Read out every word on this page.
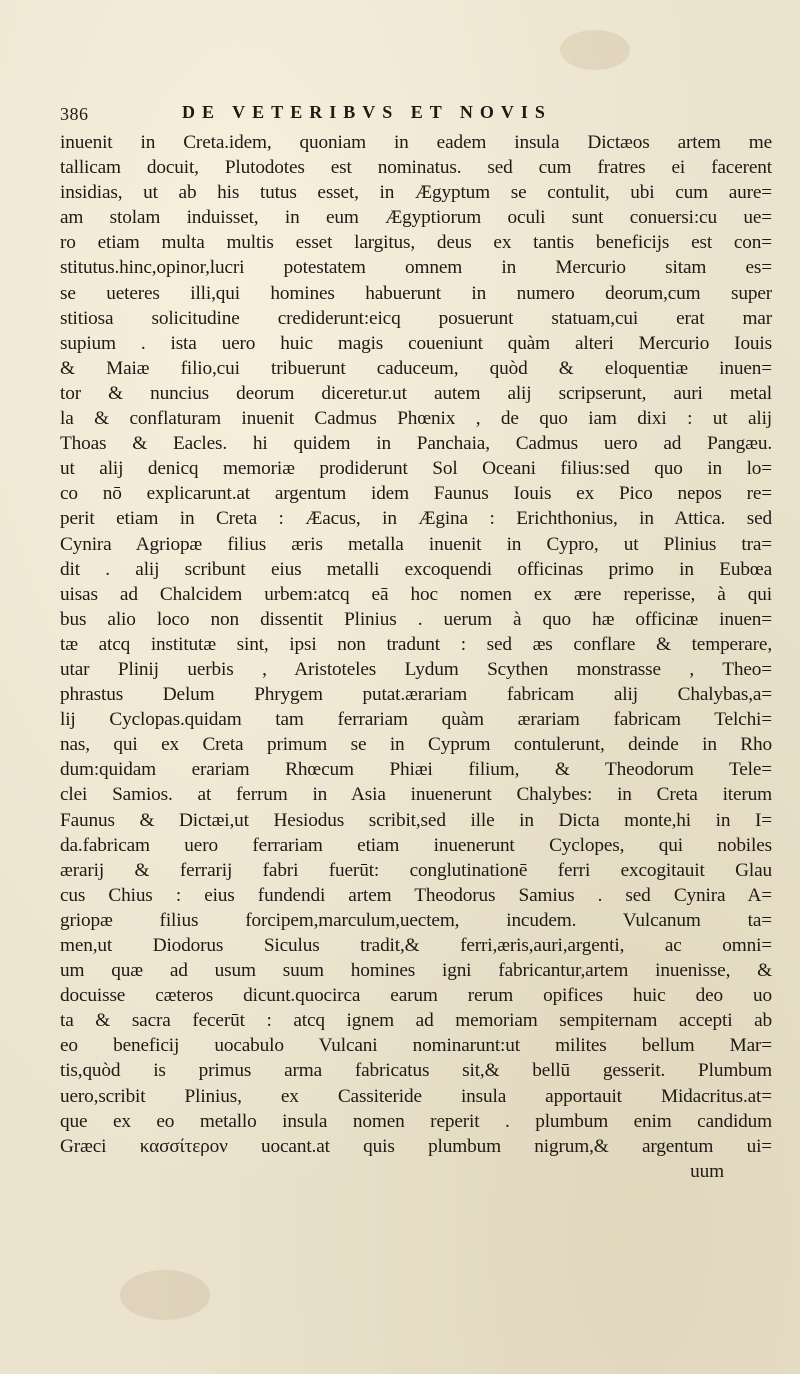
386	DE VETERIBVS ET NOVIS
inuenit in Creta.idem, quoniam in eadem insula Dictæos artem me
tallicam docuit, Plutodotes est nominatus. sed cum fratres ei facerent
insidias, ut ab his tutus esset, in Ægyptum se contulit, ubi cum aure=
am stolam induisset, in eum Ægyptiorum oculi sunt conuersi:cu ue=
ro etiam multa multis esset largitus, deus ex tantis beneficijs est con=
stitutus.hinc,opinor,lucri potestatem omnem in Mercurio sitam es=
se ueteres illi,qui homines habuerunt in numero deorum,cum super
stitiosa solicitudine crediderunt:eicq posuerunt statuam,cui erat mar
supium . ista uero huic magis coueniunt quàm alteri Mercurio Iouis
& Maiæ filio,cui tribuerunt caduceum, quòd & eloquentiæ inuen=
tor & nuncius deorum diceretur.ut autem alij scripserunt, auri metal
la & conflaturam inuenit Cadmus Phœnix , de quo iam dixi : ut alij
Thoas & Eacles. hi quidem in Panchaia, Cadmus uero ad Pangæu.
ut alij denicq memoriæ prodiderunt Sol Oceani filius:sed quo in lo=
co nō explicarunt.at argentum idem Faunus Iouis ex Pico nepos re=
perit etiam in Creta : Æacus, in Ægina : Erichthonius, in Attica. sed
Cynira Agriopæ filius æris metalla inuenit in Cypro, ut Plinius tra=
dit . alij scribunt eius metalli excoquendi officinas primo in Eubœa
uisas ad Chalcidem urbem:atcq eā hoc nomen ex ære reperisse, à qui
bus alio loco non dissentit Plinius . uerum à quo hæ officinæ inuen=
tæ atcq institutæ sint, ipsi non tradunt : sed æs conflare & temperare,
utar Plinij uerbis , Aristoteles Lydum Scythen monstrasse , Theo=
phrastus Delum Phrygem putat.ærariam fabricam alij Chalybas,a=
lij Cyclopas.quidam tam ferrariam quàm ærariam fabricam Telchi=
nas, qui ex Creta primum se in Cyprum contulerunt, deinde in Rho
dum:quidam erariam Rhœcum Phiæi filium, & Theodorum Tele=
clei Samios. at ferrum in Asia inuenerunt Chalybes: in Creta iterum
Faunus & Dictæi,ut Hesiodus scribit,sed ille in Dicta monte,hi in I=
da.fabricam uero ferrariam etiam inuenerunt Cyclopes, qui nobiles
ærarij & ferrarij fabri fuerūt: conglutinationē ferri excogitauit Glau
cus Chius : eius fundendi artem Theodorus Samius . sed Cynira A=
griopæ filius forcipem,marculum,uectem, incudem. Vulcanum ta=
men,ut Diodorus Siculus tradit,& ferri,æris,auri,argenti, ac omni=
um quæ ad usum suum homines igni fabricantur,artem inuenisse, &
docuisse cæteros dicunt.quocirca earum rerum opifices huic deo uo
ta & sacra fecerūt : atcq ignem ad memoriam sempiternam accepti ab
eo beneficij uocabulo Vulcani nominarunt:ut milites bellum Mar=
tis,quòd is primus arma fabricatus sit,& bellū gesserit. Plumbum
uero,scribit Plinius, ex Cassiteride insula apportauit Midacritus.at=
que ex eo metallo insula nomen reperit . plumbum enim candidum
Græci κασσίτερον uocant.at quis plumbum nigrum,& argentum ui=
uum
